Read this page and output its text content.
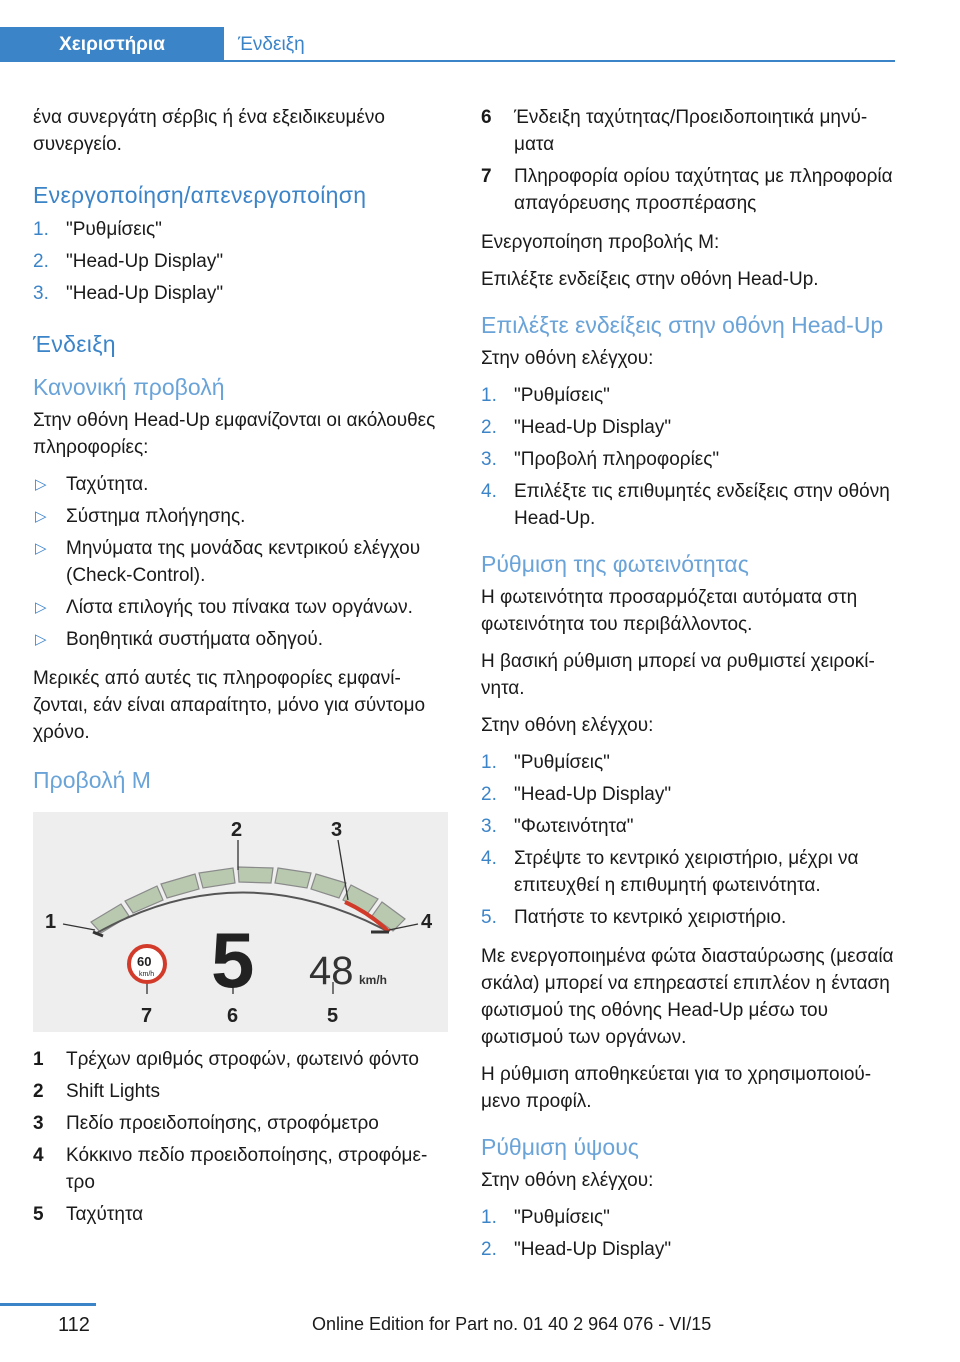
Χειριστήρια	Ένδειξη

ένα συνεργάτη σέρβις ή ένα εξειδικευμένο συνεργείο.

Ενεργοποίηση/απενεργοποίηση
1. "Ρυθμίσεις"
2. "Head-Up Display"
3. "Head-Up Display"
Ένδειξη
Κανονική προβολή

Στην οθόνη Head-Up εμφανίζονται οι ακόλουθες πληροφορίες:

▷ Ταχύτητα.
▷ Σύστημα πλοήγησης.
▷ Μηνύματα της μονάδας κεντρικού ελέγχου (Check-Control).
▷ Λίστα επιλογής του πίνακα των οργάνων.
▷ Βοηθητικά συστήματα οδηγού.

Μερικές από αυτές τις πληροφορίες εμφανίζονται, εάν είναι απαραίτητο, μόνο για σύντομο χρόνο.

Προβολή M
1
2	3
4
5
6
7
60
km/h 5 48 km/h
1 Τρέχων αριθμός στροφών, φωτεινό φόντο
2 Shift Lights
3 Πεδίο προειδοποίησης, στροφόμετρο
4 Κόκκινο πεδίο προειδοποίησης, στροφόμετρο
5 Ταχύτητα
6 Ένδειξη ταχύτητας/Προειδοποιητικά μηνύματα
7 Πληροφορία ορίου ταχύτητας με πληροφορία απαγόρευσης προσπέρασης

Ενεργοποίηση προβολής M:

Επιλέξτε ενδείξεις στην οθόνη Head-Up.

Επιλέξτε ενδείξεις στην οθόνη Head-Up

Στην οθόνη ελέγχου:

1. "Ρυθμίσεις"
2. "Head-Up Display"
3. "Προβολή πληροφορίες"
4. Επιλέξτε τις επιθυμητές ενδείξεις στην οθόνη Head-Up.
Ρύθμιση της φωτεινότητας

Η φωτεινότητα προσαρμόζεται αυτόματα στη φωτεινότητα του περιβάλλοντος.

Η βασική ρύθμιση μπορεί να ρυθμιστεί χειροκίνητα.

Στην οθόνη ελέγχου:

1. "Ρυθμίσεις"
2. "Head-Up Display"
3. "Φωτεινότητα"
4. Στρέψτε το κεντρικό χειριστήριο, μέχρι να επιτευχθεί η επιθυμητή φωτεινότητα.
5. Πατήστε το κεντρικό χειριστήριο.

Με ενεργοποιημένα φώτα διασταύρωσης (μεσαία σκάλα) μπορεί να επηρεαστεί επιπλέον η ένταση φωτισμού της οθόνης Head-Up μέσω του φωτισμού των οργάνων.

Η ρύθμιση αποθηκεύεται για το χρησιμοποιούμενο προφίλ.

Ρύθμιση ύψους

Στην οθόνη ελέγχου:

1. "Ρυθμίσεις"
2. "Head-Up Display"
112	Online Edition for Part no. 01 40 2 964 076 - VI/15
